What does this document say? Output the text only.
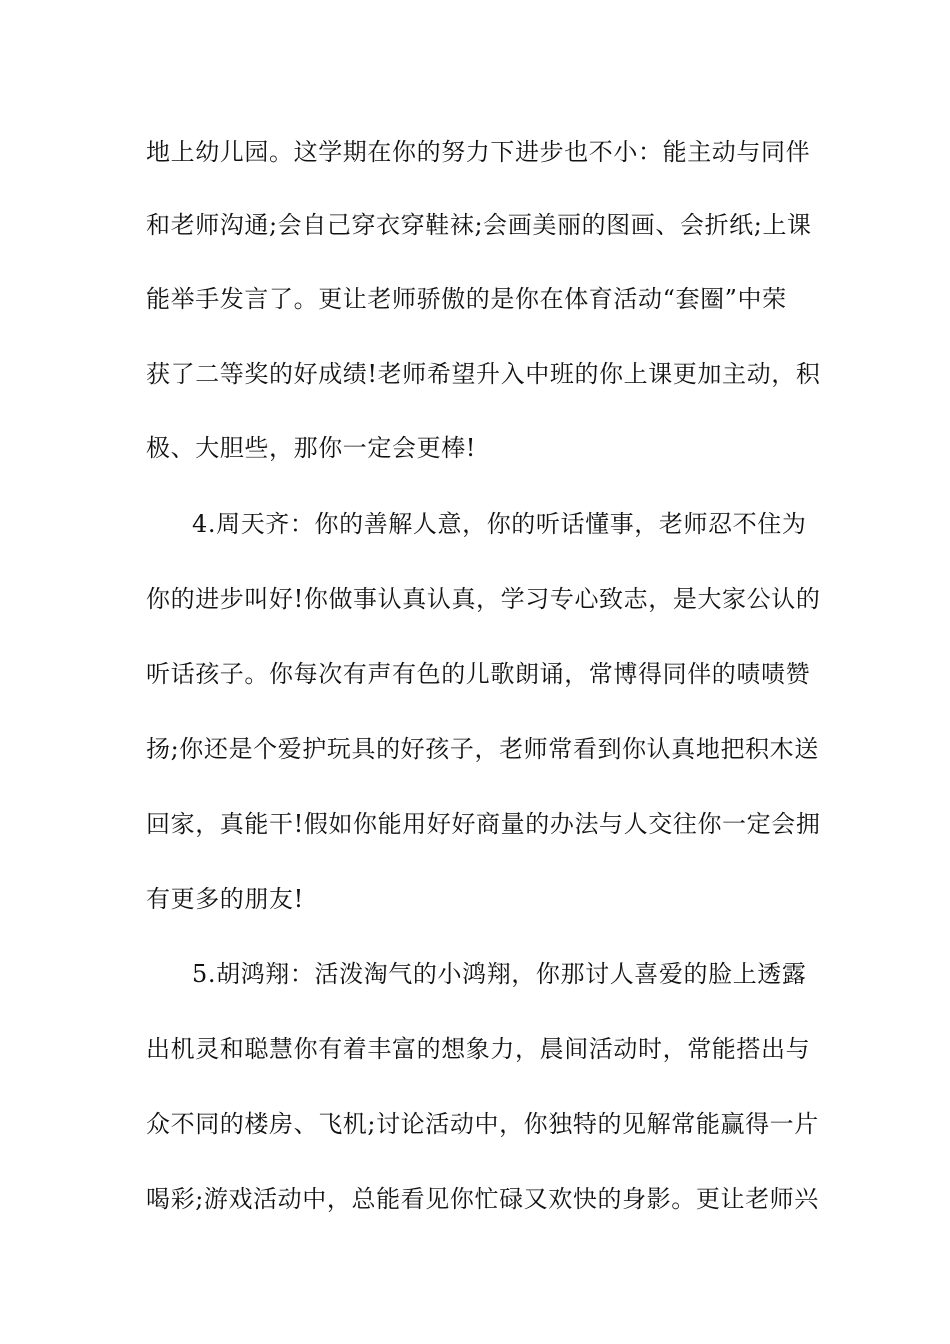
地上幼儿园。这学期在你的努力下进步也不小：能主动与同伴
和老师沟通;会自己穿衣穿鞋袜;会画美丽的图画、会折纸;上课
能举手发言了。更让老师骄傲的是你在体育活动“套圈”中荣
获了二等奖的好成绩!老师希望升入中班的你上课更加主动，积
极、大胆些，那你一定会更棒!
4.周天齐：你的善解人意，你的听话懂事，老师忍不住为
你的进步叫好!你做事认真认真，学习专心致志，是大家公认的
听话孩子。你每次有声有色的儿歌朗诵，常博得同伴的啧啧赞
扬;你还是个爱护玩具的好孩子，老师常看到你认真地把积木送
回家，真能干!假如你能用好好商量的办法与人交往你一定会拥
有更多的朋友!
5.胡鸿翔：活泼淘气的小鸿翔，你那讨人喜爱的脸上透露
出机灵和聪慧你有着丰富的想象力，晨间活动时，常能搭出与
众不同的楼房、飞机;讨论活动中，你独特的见解常能赢得一片
喝彩;游戏活动中，总能看见你忙碌又欢快的身影。更让老师兴
